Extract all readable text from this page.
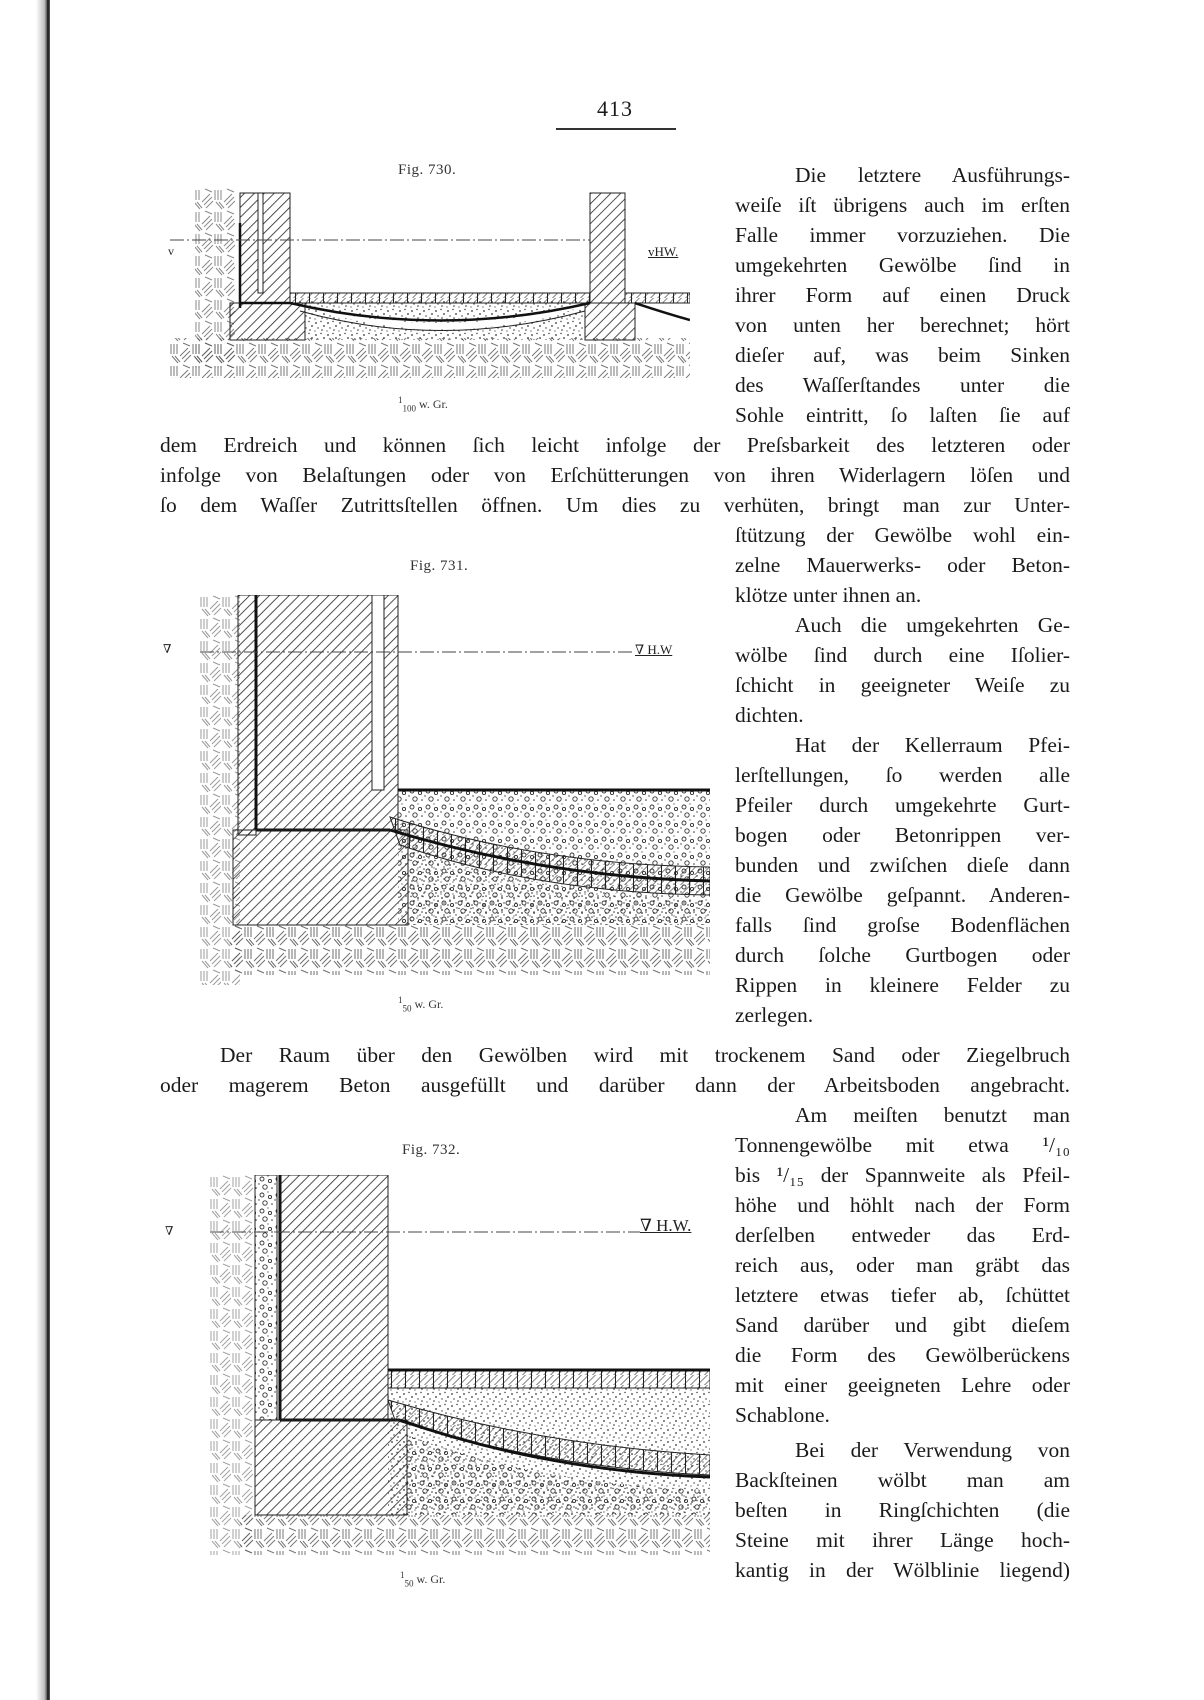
413
Fig. 730.
v	vHW.
$^1_{100}$ w. Gr.
Die letztere Ausführungs-
weiſe iſt übrigens auch im erſten
Falle immer vorzuziehen. Die
umgekehrten Gewölbe ſind in
ihrer Form auf einen Druck
von unten her berechnet; hört
dieſer auf, was beim Sinken
des Waſſerſtandes unter die
Sohle eintritt, ſo laſten ſie auf
dem Erdreich und können ſich leicht infolge der Preſsbarkeit des letzteren oder
infolge von Belaſtungen oder von Erſchütterungen von ihren Widerlagern löſen und
ſo dem Waſſer Zutrittsſtellen öffnen. Um dies zu verhüten, bringt man zur Unter-
Fig. 731.
∇	∇ H.W
$^1_{50}$ w. Gr.
ſtützung der Gewölbe wohl ein-
zelne Mauerwerks- oder Beton-
klötze unter ihnen an.
Auch die umgekehrten Ge-
wölbe ſind durch eine Iſolier-
ſchicht in geeigneter Weiſe zu
dichten.
Hat der Kellerraum Pfei-
lerſtellungen, ſo werden alle
Pfeiler durch umgekehrte Gurt-
bogen oder Betonrippen ver-
bunden und zwiſchen dieſe dann
die Gewölbe geſpannt. Anderen-
falls ſind groſse Bodenflächen
durch ſolche Gurtbogen oder
Rippen in kleinere Felder zu
zerlegen.
Der Raum über den Gewölben wird mit trockenem Sand oder Ziegelbruch
oder magerem Beton ausgefüllt und darüber dann der Arbeitsboden angebracht.
Fig. 732.
∇	∇ H.W.
$^1_{50}$ w. Gr.
Am meiſten benutzt man
Tonnengewölbe mit etwa ¹/₁₀
bis ¹/₁₅ der Spannweite als Pfeil-
höhe und höhlt nach der Form
derſelben entweder das Erd-
reich aus, oder man gräbt das
letztere etwas tiefer ab, ſchüttet
Sand darüber und gibt dieſem
die Form des Gewölberückens
mit einer geeigneten Lehre oder
Schablone.
Bei der Verwendung von
Backſteinen wölbt man am
beſten in Ringſchichten (die
Steine mit ihrer Länge hoch-
kantig in der Wölblinie liegend)
